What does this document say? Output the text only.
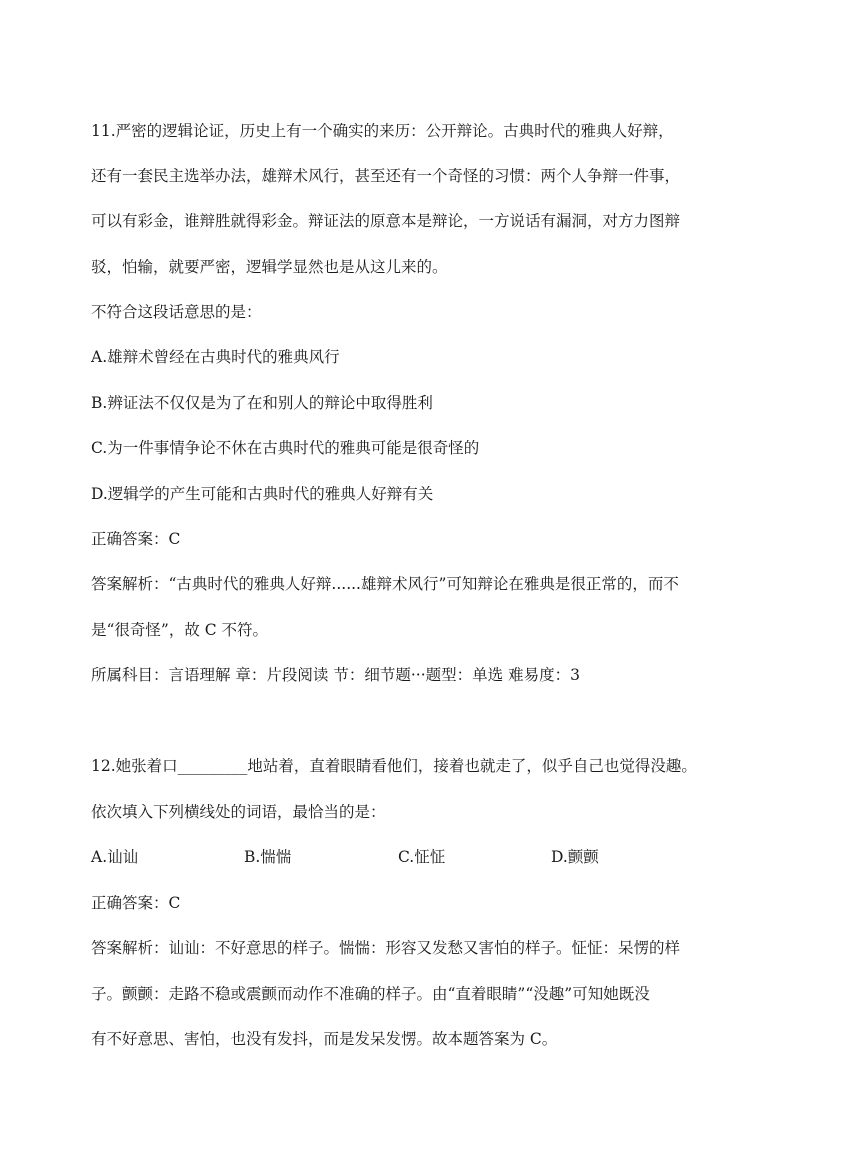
11.严密的逻辑论证，历史上有一个确实的来历：公开辩论。古典时代的雅典人好辩，
还有一套民主选举办法，雄辩术风行，甚至还有一个奇怪的习惯：两个人争辩一件事，
可以有彩金，谁辩胜就得彩金。辩证法的原意本是辩论，一方说话有漏洞，对方力图辩
驳，怕输，就要严密，逻辑学显然也是从这儿来的。
不符合这段话意思的是：
A.雄辩术曾经在古典时代的雅典风行
B.辨证法不仅仅是为了在和别人的辩论中取得胜利
C.为一件事情争论不休在古典时代的雅典可能是很奇怪的
D.逻辑学的产生可能和古典时代的雅典人好辩有关
正确答案：C
答案解析：“古典时代的雅典人好辩......雄辩术风行”可知辩论在雅典是很正常的，而不
是“很奇怪”，故 C 不符。
所属科目：言语理解 章：片段阅读 节：细节题···题型：单选 难易度：3
12.她张着口_________地站着，直着眼睛看他们，接着也就走了，似乎自己也觉得没趣。
依次填入下列横线处的词语，最恰当的是：
A.讪讪	B.惴惴	C.怔怔	D.颤颤
正确答案：C
答案解析：讪讪：不好意思的样子。惴惴：形容又发愁又害怕的样子。怔怔：呆愣的样
子。颤颤：走路不稳或震颤而动作不准确的样子。由“直着眼睛”“没趣”可知她既没
有不好意思、害怕，也没有发抖，而是发呆发愣。故本题答案为 C。
